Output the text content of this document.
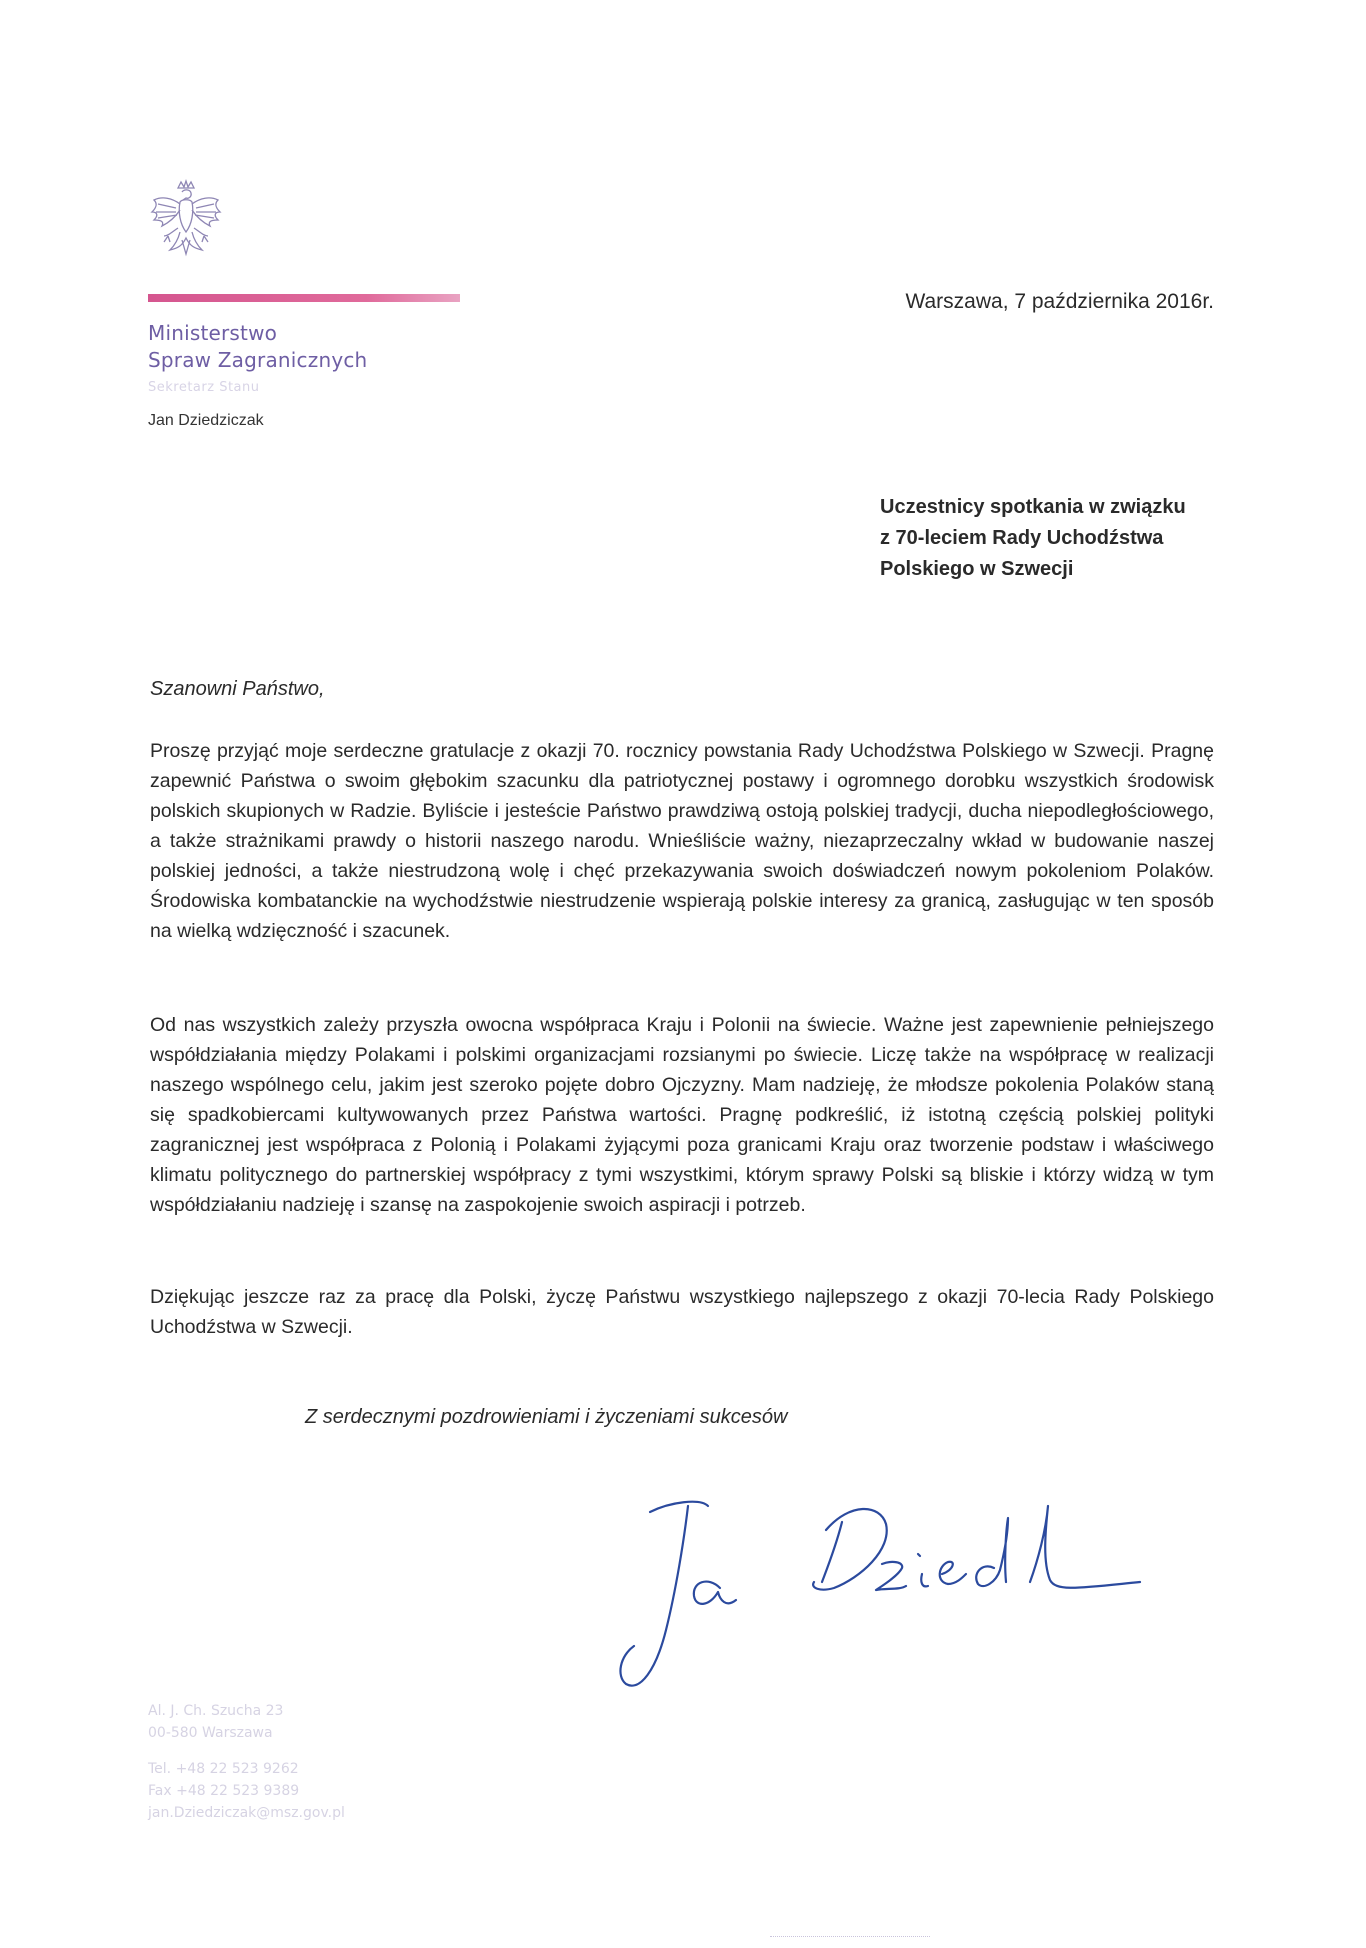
Ministerstwo
Spraw Zagranicznych
Sekretarz Stanu
Jan Dziedziczak
Warszawa, 7 października 2016r.
Uczestnicy spotkania w związku
z 70-leciem Rady Uchodźstwa
Polskiego w Szwecji
Szanowni Państwo,
Proszę przyjąć moje serdeczne gratulacje z okazji 70. rocznicy powstania Rady Uchodźstwa Polskiego w Szwecji. Pragnę zapewnić Państwa o swoim głębokim szacunku dla patriotycznej postawy i ogromnego dorobku wszystkich środowisk polskich skupionych w Radzie. Byliście i jesteście Państwo prawdziwą ostoją polskiej tradycji, ducha niepodległościowego, a także strażnikami prawdy o historii naszego narodu. Wnieśliście ważny, niezaprzeczalny wkład w budowanie naszej polskiej jedności, a także niestrudzoną wolę i chęć przekazywania swoich doświadczeń nowym pokoleniom Polaków. Środowiska kombatanckie na wychodźstwie niestrudzenie wspierają polskie interesy za granicą, zasługując w ten sposób na wielką wdzięczność i szacunek.
Od nas wszystkich zależy przyszła owocna współpraca Kraju i Polonii na świecie. Ważne jest zapewnienie pełniejszego współdziałania między Polakami i polskimi organizacjami rozsianymi po świecie. Liczę także na współpracę w realizacji naszego wspólnego celu, jakim jest szeroko pojęte dobro Ojczyzny. Mam nadzieję, że młodsze pokolenia Polaków staną się spadkobiercami kultywowanych przez Państwa wartości. Pragnę podkreślić, iż istotną częścią polskiej polityki zagranicznej jest współpraca z Polonią i Polakami żyjącymi poza granicami Kraju oraz tworzenie podstaw i właściwego klimatu politycznego do partnerskiej współpracy z tymi wszystkimi, którym sprawy Polski są bliskie i którzy widzą w tym współdziałaniu nadzieję i szansę na zaspokojenie swoich aspiracji i potrzeb.
Dziękując jeszcze raz za pracę dla Polski, życzę Państwu wszystkiego najlepszego z okazji 70-lecia Rady Polskiego Uchodźstwa w Szwecji.
Z serdecznymi pozdrowieniami i życzeniami sukcesów
Al. J. Ch. Szucha 23
00-580 Warszawa
Tel. +48 22 523 9262
Fax +48 22 523 9389
jan.Dziedziczak@msz.gov.pl
